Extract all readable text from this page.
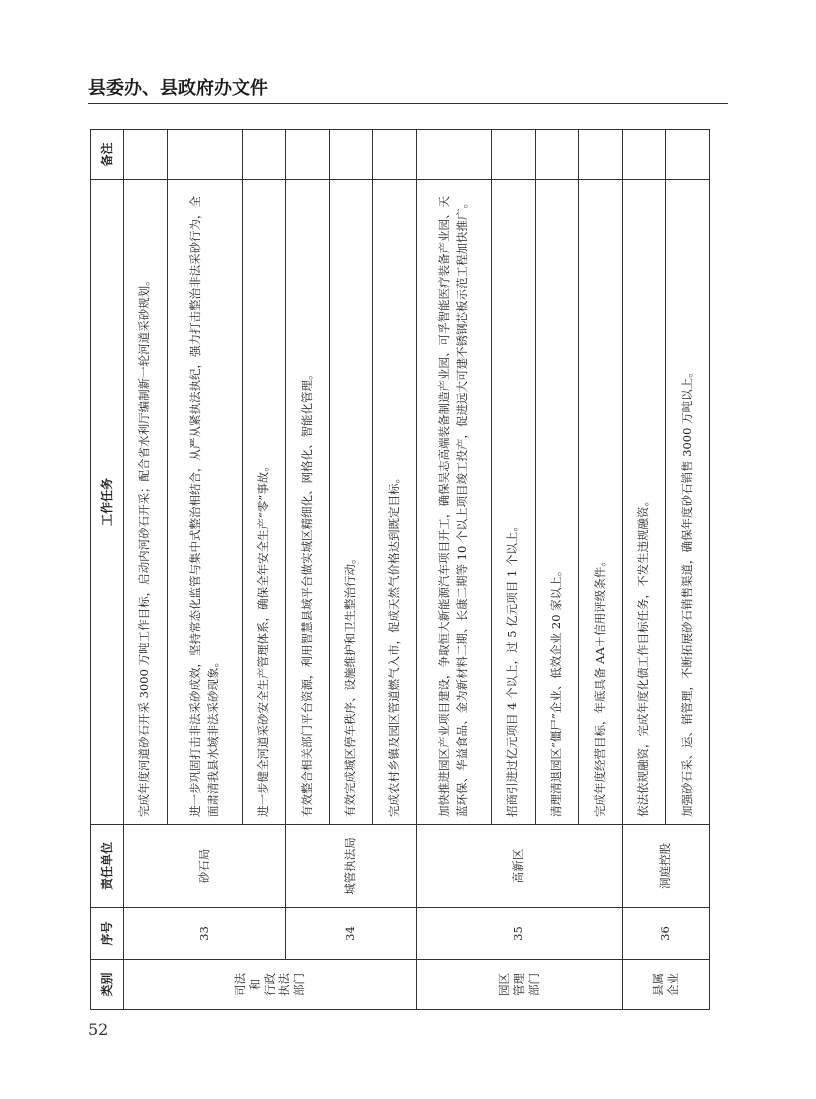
县委办、县政府办文件
类别	序号	责任单位	工作任务	备注

司法 和 行政 执法 部门	33	砂石局	完成年度河道砂石开采 3000 万吨工作目标，启动内河砂石开采；配合省水利厅编制新一轮河道采砂规划。	
			进一步巩固打击非法采砂成效，坚持常态化监管与集中式整治相结合，从严从紧执法执纪，强力打击整治非法采砂行为，全面肃清我县水域非法采砂现象。	
			进一步健全河道采砂安全生产管理体系，确保全年安全生产“零”事故。	
	34	城管执法局	有效整合相关部门平台资源，利用智慧县域平台做实城区精细化、网格化、智能化管理。	
			有效完成城区停车秩序、设施维护和卫生整治行动。	
			完成农村乡镇及园区管道燃气入市，促成天然气价格达到既定目标。	

园区 管理 部门	35	高新区	加快推进园区产业项目建设，争取恒大新能源汽车项目开工，确保吴志高端装备制造产业园、可孚智能医疗装备产业园、天蓝环保、华益食品、金为新材料二期、长康二期等 10 个以上项目竣工投产，促进远大可建不锈钢芯板示范工程加快推广。	
			招商引进过亿元项目 4 个以上，过 5 亿元项目 1 个以上。	
			清理清退园区“僵尸”企业、低效企业 20 家以上。	
			完成年度经营目标，年底具备 AA＋信用评级条件。	

县属 企业	36	洞庭控股	依法依规融资，完成年度化债工作目标任务，不发生违规融资。	
			加强砂石采、运、销管理，不断拓展砂石销售渠道，确保年度砂石销售 3000 万吨以上。	
52
